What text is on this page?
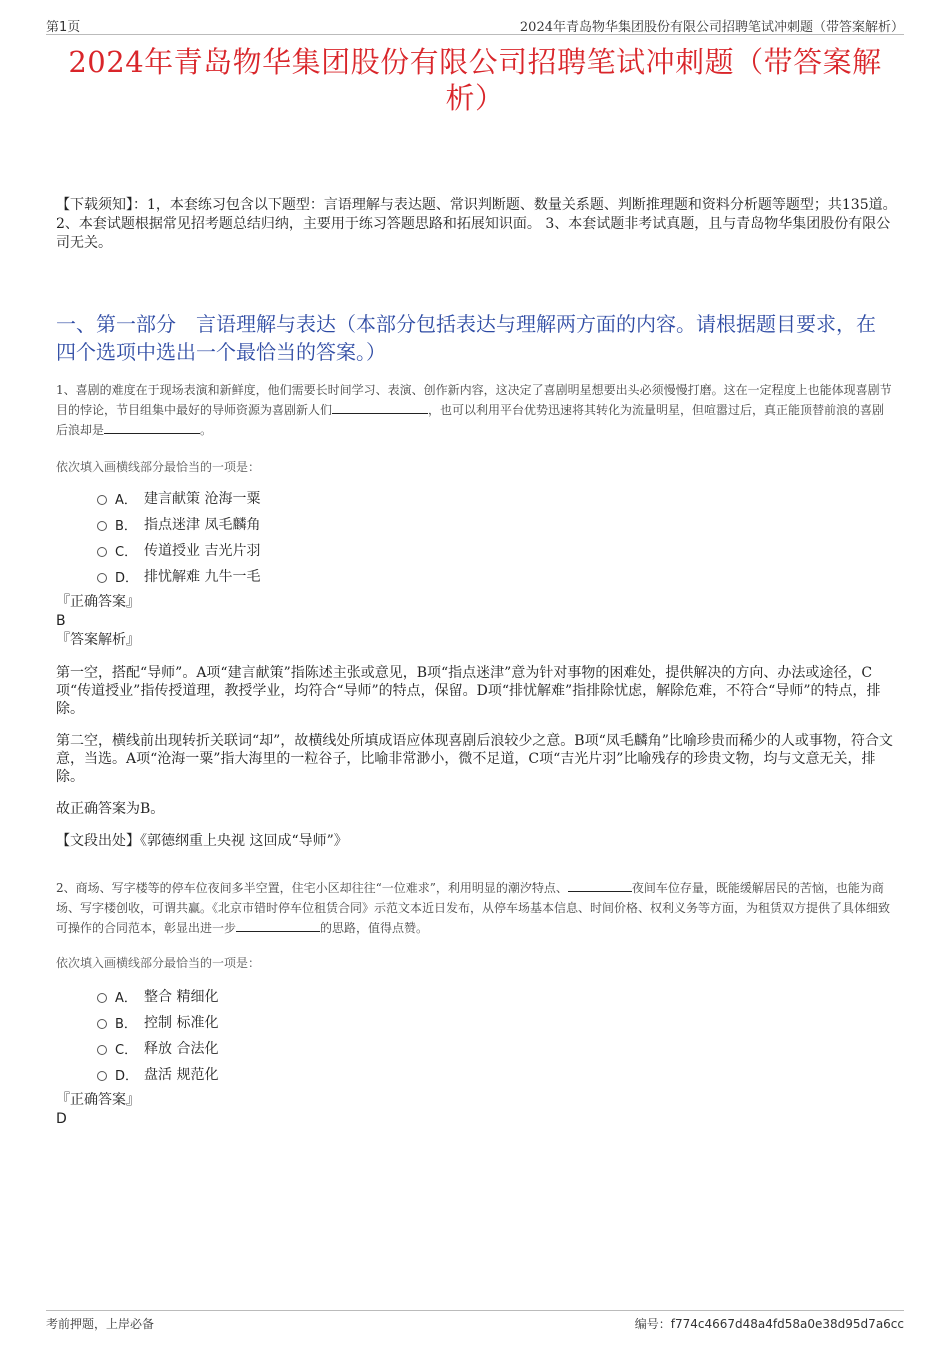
第1页	2024年青岛物华集团股份有限公司招聘笔试冲刺题（带答案解析）
2024年青岛物华集团股份有限公司招聘笔试冲刺题（带答案解析）

【下载须知】：1，本套练习包含以下题型：言语理解与表达题、常识判断题、数量关系题、判断推理题和资料分析题等题型；共135道。 2、本套试题根据常见招考题总结归纳，主要用于练习答题思路和拓展知识面。 3、本套试题非考试真题，且与青岛物华集团股份有限公司无关。

一、第一部分　言语理解与表达（本部分包括表达与理解两方面的内容。请根据题目要求，在四个选项中选出一个最恰当的答案。）

1、喜剧的难度在于现场表演和新鲜度，他们需要长时间学习、表演、创作新内容，这决定了喜剧明星想要出头必须慢慢打磨。这在一定程度上也能体现喜剧节目的悖论，节目组集中最好的导师资源为喜剧新人们	，也可以利用平台优势迅速将其转化为流量明星，但喧嚣过后，真正能顶替前浪的喜剧后浪却是	。

依次填入画横线部分最恰当的一项是：

A． 建言献策 沧海一粟
B． 指点迷津 凤毛麟角
C． 传道授业 吉光片羽
D． 排忧解难 九牛一毛

『正确答案』

B

『答案解析』

第一空，搭配“导师”。A项“建言献策”指陈述主张或意见，B项“指点迷津”意为针对事物的困难处，提供解决的方向、办法或途径，C项“传道授业”指传授道理，教授学业，均符合“导师”的特点，保留。D项“排忧解难”指排除忧虑，解除危难，不符合“导师”的特点，排除。

第二空，横线前出现转折关联词“却”，故横线处所填成语应体现喜剧后浪较少之意。B项“凤毛麟角”比喻珍贵而稀少的人或事物，符合文意，当选。A项“沧海一粟”指大海里的一粒谷子，比喻非常渺小，微不足道，C项“吉光片羽”比喻残存的珍贵文物，均与文意无关，排除。

故正确答案为B。

【文段出处】《郭德纲重上央视 这回成“导师”》

2、商场、写字楼等的停车位夜间多半空置，住宅小区却往往“一位难求”，利用明显的潮汐特点、	夜间车位存量，既能缓解居民的苦恼，也能为商场、写字楼创收，可谓共赢。《北京市错时停车位租赁合同》示范文本近日发布，从停车场基本信息、时间价格、权利义务等方面，为租赁双方提供了具体细致可操作的合同范本，彰显出进一步	的思路，值得点赞。

依次填入画横线部分最恰当的一项是：

A． 整合 精细化
B． 控制 标准化
C． 释放 合法化
D． 盘活 规范化

『正确答案』

D

考前押题，上岸必备	编号：f774c4667d48a4fd58a0e38d95d7a6cc
